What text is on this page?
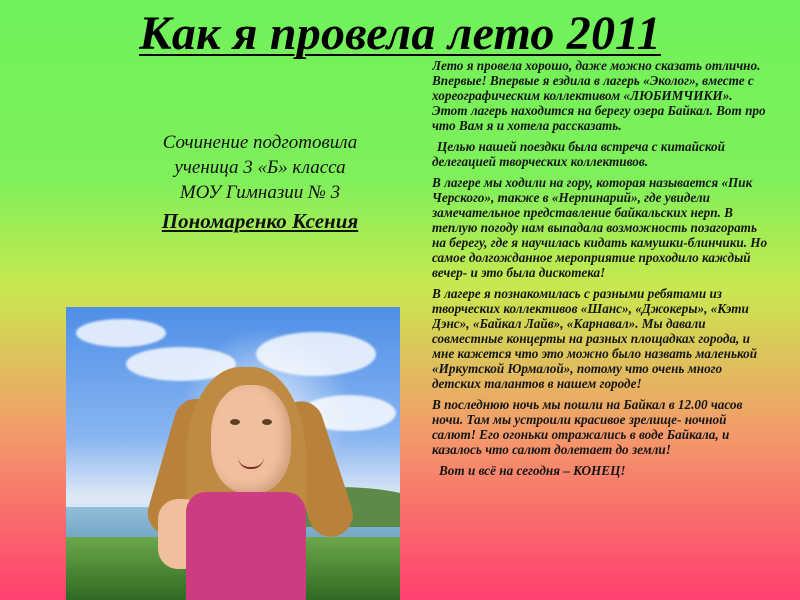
Как я провела лето 2011

Сочинение подготовила

ученица 3 «Б» класса

МОУ Гимназии № 3

Пономаренко Ксения

Лето я провела хорошо, даже можно сказать отлично. Впервые! Впервые я ездила в лагерь «Эколог», вместе с хореографическим коллективом «ЛЮБИМЧИКИ». Этот лагерь находится на берегу озера Байкал. Вот про что Вам я и хотела рассказать.

Целью нашей поездки была встреча с китайской делегацией творческих коллективов.

В лагере мы ходили на гору, которая называется «Пик Черского», также в «Нерпинарий», где увидели замечательное представление байкальских нерп. В теплую погоду нам выпадала возможность позагорать на берегу, где я научилась кидать камушки-блинчики. Но самое долгожданное мероприятие проходило каждый вечер- и это была дискотека!

В лагере я познакомилась с разными ребятами из творческих коллективов «Шанс», «Джокеры», «Кэти Дэнс», «Байкал Лайв», «Карнавал». Мы давали совместные концерты на разных площадках города, и мне кажется что это можно было назвать маленькой «Иркутской Юрмалой», потому что очень много детских талантов в нашем городе!

В последнюю ночь мы пошли на Байкал в 12.00 часов ночи. Там мы устроили красивое зрелище- ночной салют! Его огоньки отражались в воде Байкала, и казалось что салют долетает до земли!

Вот и всё на сегодня – КОНЕЦ!
